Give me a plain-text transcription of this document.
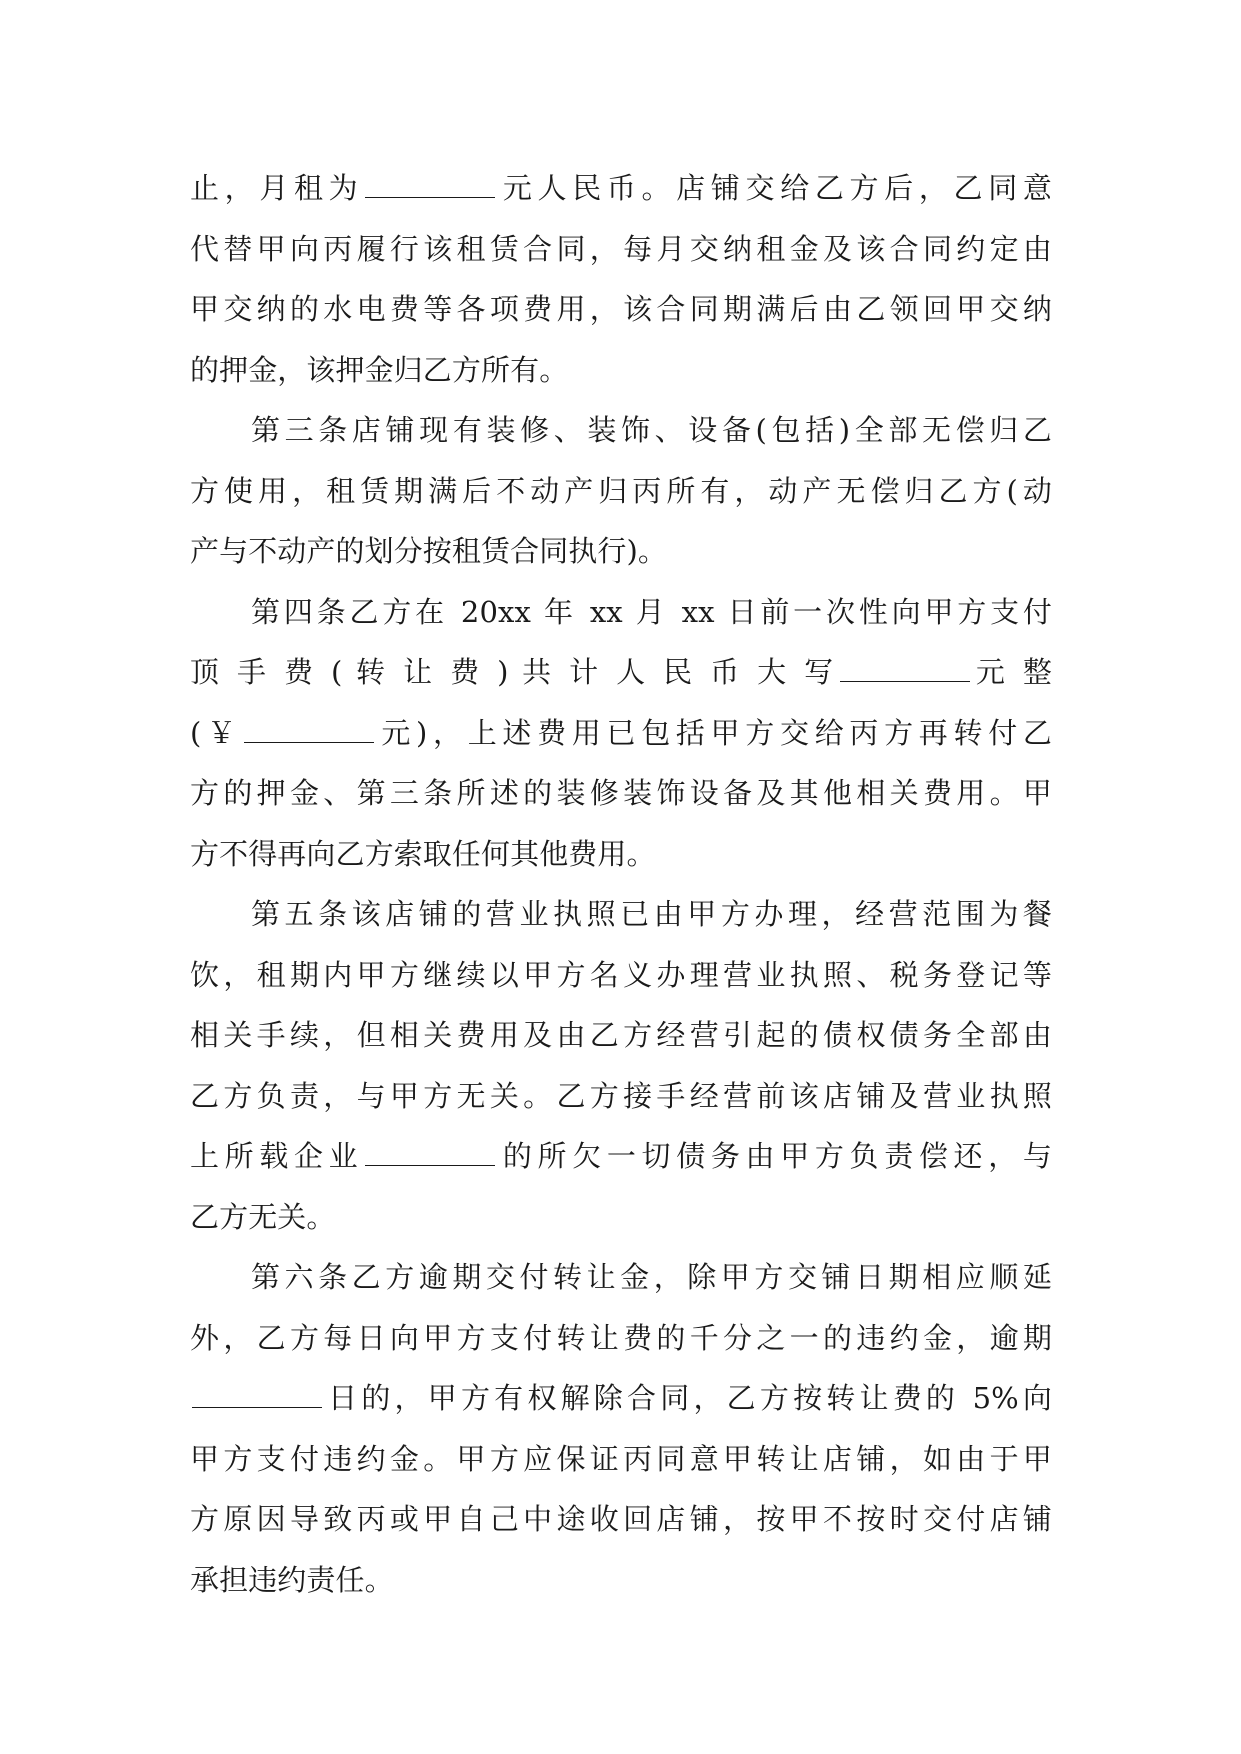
止，月租为	元人民币。店铺交给乙方后，乙同意
代替甲向丙履行该租赁合同，每月交纳租金及该合同约定由
甲交纳的水电费等各项费用，该合同期满后由乙领回甲交纳
的押金，该押金归乙方所有。
第三条店铺现有装修、装饰、设备(包括)全部无偿归乙
方使用，租赁期满后不动产归丙所有，动产无偿归乙方(动
产与不动产的划分按租赁合同执行)。
第四条乙方在 20xx 年 xx 月 xx 日前一次性向甲方支付
顶 手 费 ( 转 让 费 ) 共 计 人 民 币 大 写	元 整
(￥	元)，上述费用已包括甲方交给丙方再转付乙
方的押金、第三条所述的装修装饰设备及其他相关费用。甲
方不得再向乙方索取任何其他费用。
第五条该店铺的营业执照已由甲方办理，经营范围为餐
饮，租期内甲方继续以甲方名义办理营业执照、税务登记等
相关手续，但相关费用及由乙方经营引起的债权债务全部由
乙方负责，与甲方无关。乙方接手经营前该店铺及营业执照
上所载企业	的所欠一切债务由甲方负责偿还，与
乙方无关。
第六条乙方逾期交付转让金，除甲方交铺日期相应顺延
外，乙方每日向甲方支付转让费的千分之一的违约金，逾期
日的，甲方有权解除合同，乙方按转让费的 5%向
甲方支付违约金。甲方应保证丙同意甲转让店铺，如由于甲
方原因导致丙或甲自己中途收回店铺，按甲不按时交付店铺
承担违约责任。
